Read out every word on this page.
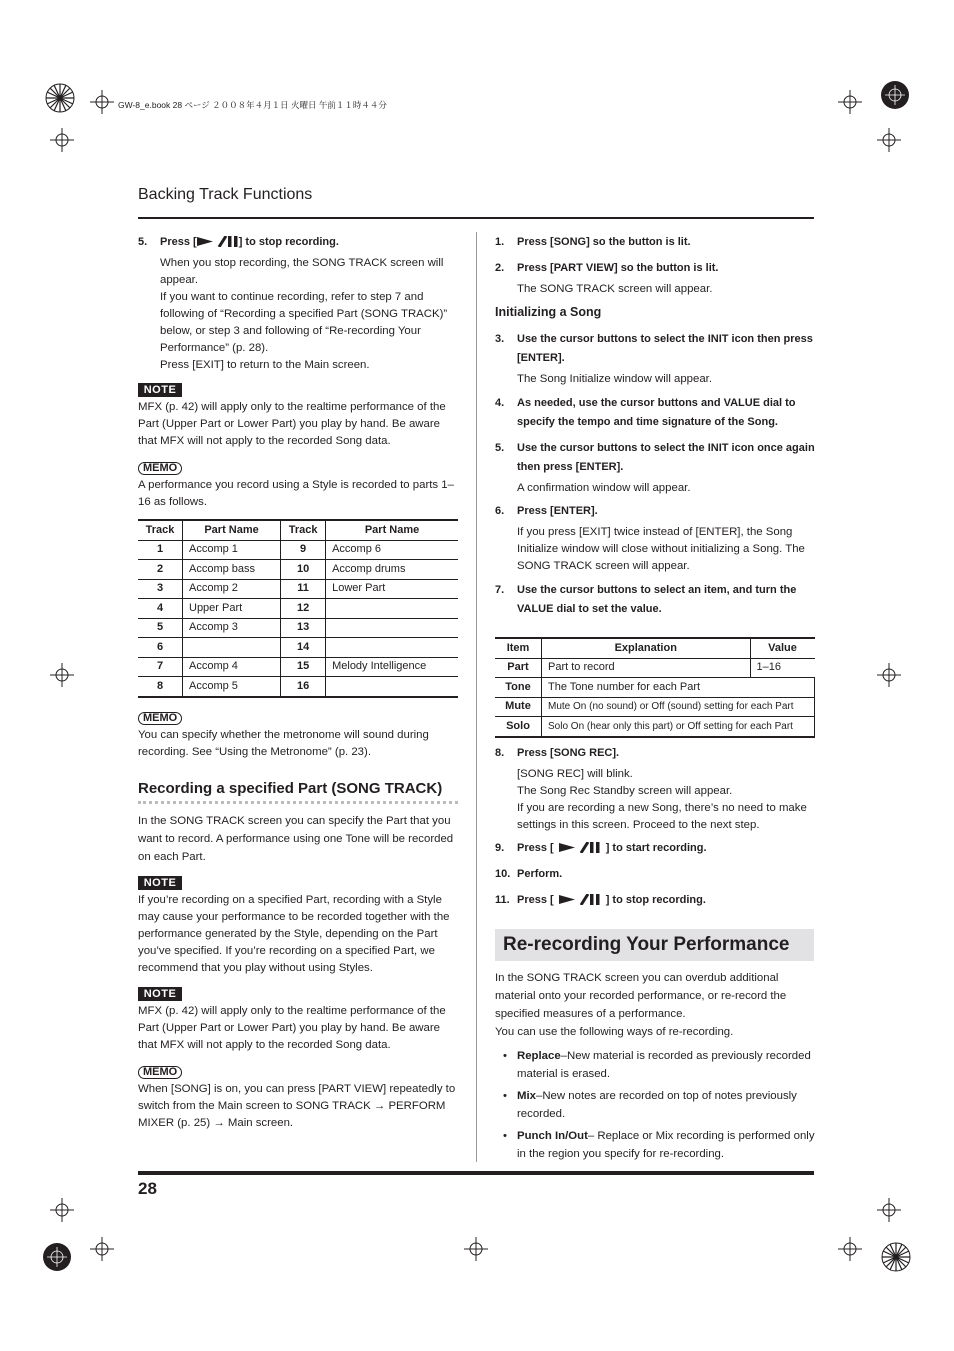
GW-8_e.book 28 ページ ２００８年４月１日 火曜日 午前１１時４４分
Backing Track Functions

5. Press [	] to stop recording.

When you stop recording, the SONG TRACK screen will appear.

If you want to continue recording, refer to step 7 and following of “Recording a specified Part (SONG TRACK)” below, or step 3 and following of “Re-recording Your Performance” (p. 28).

Press [EXIT] to return to the Main screen.

NOTE

MFX (p. 42) will apply only to the realtime performance of the Part (Upper Part or Lower Part) you play by hand. Be aware that MFX will not apply to the recorded Song data.

MEMO

A performance you record using a Style is recorded to parts 1–16 as follows.

Track	Part Name	Track	Part Name
1	Accomp 1	9	Accomp 6
2	Accomp bass	10	Accomp drums
3	Accomp 2	11	Lower Part
4	Upper Part	12	
5	Accomp 3	13	
6		14	
7	Accomp 4	15	Melody Intelligence
8	Accomp 5	16	
MEMO

You can specify whether the metronome will sound during recording. See “Using the Metronome” (p. 23).

Recording a specified Part (SONG TRACK)

In the SONG TRACK screen you can specify the Part that you want to record. A performance using one Tone will be recorded on each Part.

NOTE

If you’re recording on a specified Part, recording with a Style may cause your performance to be recorded together with the performance generated by the Style, depending on the Part you’ve specified. If you’re recording on a specified Part, we recommend that you play without using Styles.

NOTE

MFX (p. 42) will apply only to the realtime performance of the Part (Upper Part or Lower Part) you play by hand. Be aware that MFX will not apply to the recorded Song data.

MEMO

When [SONG] is on, you can press [PART VIEW] repeatedly to switch from the Main screen to SONG TRACK → PERFORM MIXER (p. 25) → Main screen.

1. Press [SONG] so the button is lit.

2. Press [PART VIEW] so the button is lit.

The SONG TRACK screen will appear.

Initializing a Song

3. Use the cursor buttons to select the INIT icon then press [ENTER].

The Song Initialize window will appear.

4. As needed, use the cursor buttons and VALUE dial to specify the tempo and time signature of the Song.

5. Use the cursor buttons to select the INIT icon once again then press [ENTER].

A confirmation window will appear.

6. Press [ENTER].

If you press [EXIT] twice instead of [ENTER], the Song Initialize window will close without initializing a Song. The SONG TRACK screen will appear.

7. Use the cursor buttons to select an item, and turn the VALUE dial to set the value.

Item	Explanation	Value
Part	Part to record	1–16
Tone	The Tone number for each Part	
Mute	Mute On (no sound) or Off (sound) setting for each Part	
Solo	Solo On (hear only this part) or Off setting for each Part	

8. Press [SONG REC].

[SONG REC] will blink.

The Song Rec Standby screen will appear.

If you are recording a new Song, there’s no need to make settings in this screen. Proceed to the next step.

9. Press [	] to start recording.

10. Perform.

11. Press [	] to stop recording.

Re-recording Your Performance

In the SONG TRACK screen you can overdub additional material onto your recorded performance, or re-record the specified measures of a performance.

You can use the following ways of re-recording.

• Replace–New material is recorded as previously recorded material is erased.

• Mix–New notes are recorded on top of notes previously recorded.

• Punch In/Out– Replace or Mix recording is performed only in the region you specify for re-recording.

28
